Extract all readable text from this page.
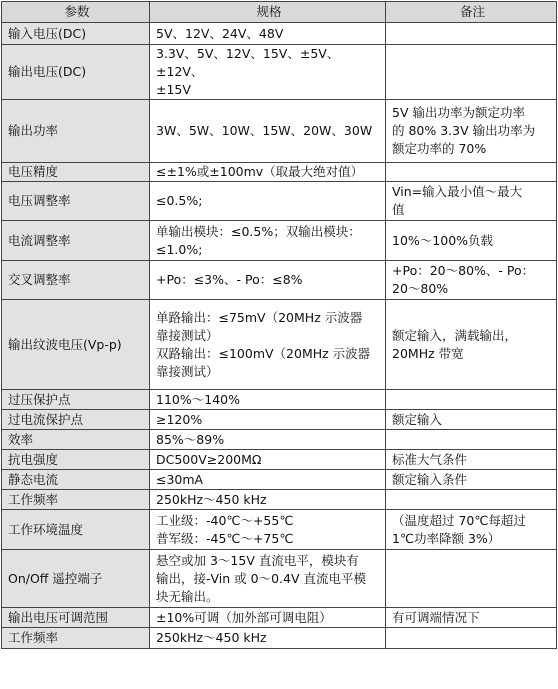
参数	规格	备注
输入电压(DC)	5V、12V、24V、48V	

输出电压(DC)	3.3V、5V、12V、15V、±5V、±12V、
±15V	

输出功率	3W、5W、10W、15W、20W、30W	5V 输出功率为额定功率
的 80% 3.3V 输出功率为
额定功率的 70%

电压精度	≤±1%或±100mv（取最大绝对值）	

电压调整率	≤0.5%;	Vin=输入最小值～最大
值

电流调整率	单输出模块：≤0.5%；双输出模块：
≤1.0%;	10%～100%负载

交叉调整率	+Po：≤3%、- Po：≤8%	+Po：20～80%、- Po：
20～80%

输出纹波电压(Vp-p)	单路输出：≤75mV（20MHz 示波器
靠接测试）
双路输出：≤100mV（20MHz 示波器
靠接测试）	额定输入，满载输出，
20MHz 带宽

过压保护点	110%～140%	

过电流保护点	≥120%	额定输入

效率	85%～89%	

抗电强度	DC500V≥200MΩ	标准大气条件

静态电流	≤30mA	额定输入条件

工作频率	250kHz～450 kHz	

工作环境温度	工业级：-40℃～+55℃
普军级：-45℃～+75℃	（温度超过 70℃每超过
1℃功率降额 3%）

On/Off 遥控端子	悬空或加 3～15V 直流电平，模块有
输出，接-Vin 或 0～0.4V 直流电平模
块无输出。	

输出电压可调范围	±10%可调（加外部可调电阻）	有可调端情况下

工作频率	250kHz～450 kHz	
